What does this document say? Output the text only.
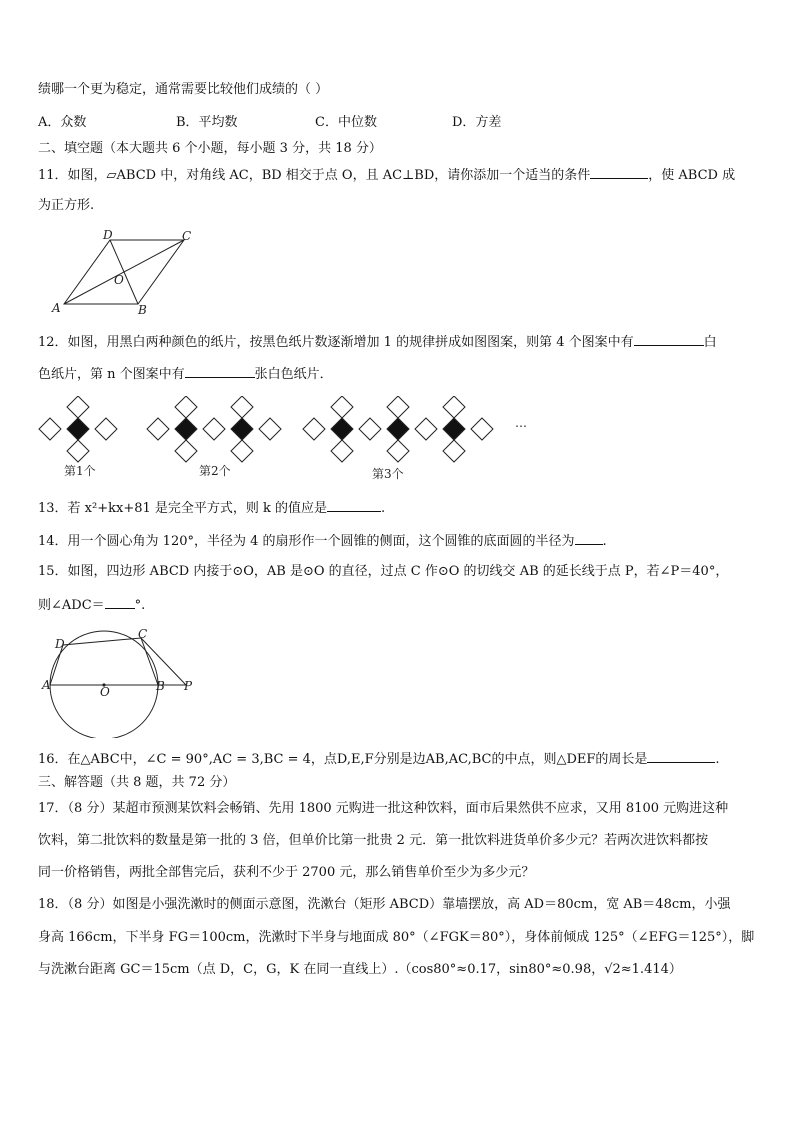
绩哪一个更为稳定，通常需要比较他们成绩的（ ）
A．众数	B．平均数	C．中位数	D．方差
二、填空题（本大题共 6 个小题，每小题 3 分，共 18 分）
11．如图，▱ABCD 中，对角线 AC，BD 相交于点 O，且 AC⊥BD，请你添加一个适当的条件	，使 ABCD 成
为正方形.
A	B
C
D
O
12．如图，用黑白两种颜色的纸片，按黑色纸片数逐渐增加 1 的规律拼成如图图案，则第 4 个图案中有	白
色纸片，第 n 个图案中有	张白色纸片．
第1个	第2个	第3个
…
13．若 x²+kx+81 是完全平方式，则 k 的值应是	.
14．用一个圆心角为 120°，半径为 4 的扇形作一个圆锥的侧面，这个圆锥的底面圆的半径为 .
15．如图，四边形 ABCD 内接于⊙O，AB 是⊙O 的直径，过点 C 作⊙O 的切线交 AB 的延长线于点 P，若∠P＝40°，
则∠ADC＝ °.
A	B
C
D
O	P
16．在△ABC中，∠C = 90°,AC = 3,BC = 4，点D,E,F分别是边AB,AC,BC的中点，则△DEF的周长是	.
三、解答题（共 8 题，共 72 分）
17．（8 分）某超市预测某饮料会畅销、先用 1800 元购进一批这种饮料，面市后果然供不应求，又用 8100 元购进这种
饮料，第二批饮料的数量是第一批的 3 倍，但单价比第一批贵 2 元．第一批饮料进货单价多少元？若两次进饮料都按
同一价格销售，两批全部售完后，获利不少于 2700 元，那么销售单价至少为多少元？
18．（8 分）如图是小强洗漱时的侧面示意图，洗漱台（矩形 ABCD）靠墙摆放，高 AD＝80cm，宽 AB＝48cm，小强
身高 166cm，下半身 FG＝100cm，洗漱时下半身与地面成 80°（∠FGK＝80°），身体前倾成 125°（∠EFG＝125°），脚
与洗漱台距离 GC＝15cm（点 D，C，G，K 在同一直线上）.（cos80°≈0.17，sin80°≈0.98，√2≈1.414）
